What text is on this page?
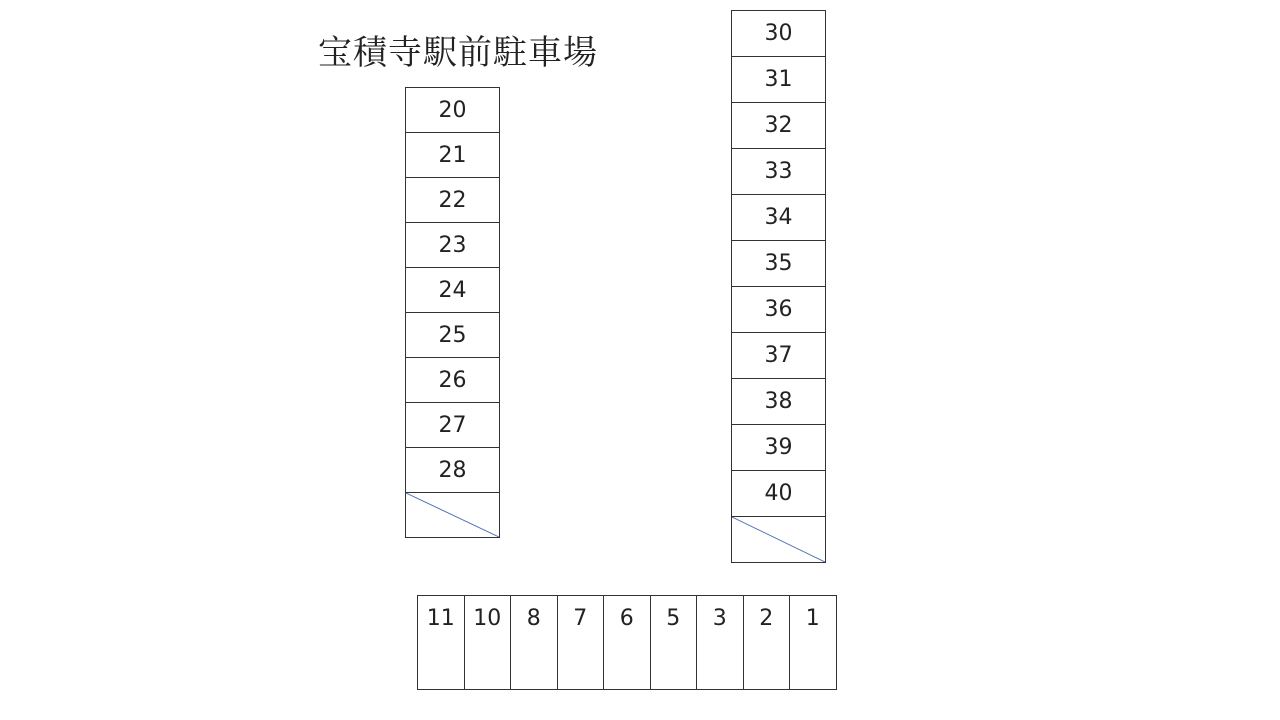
宝積寺駅前駐車場
20
21
22
23
24
25
26
27
28
30
31
32
33
34
35
36
37
38
39
40
11 10	8	7	6	5	3	2	1
